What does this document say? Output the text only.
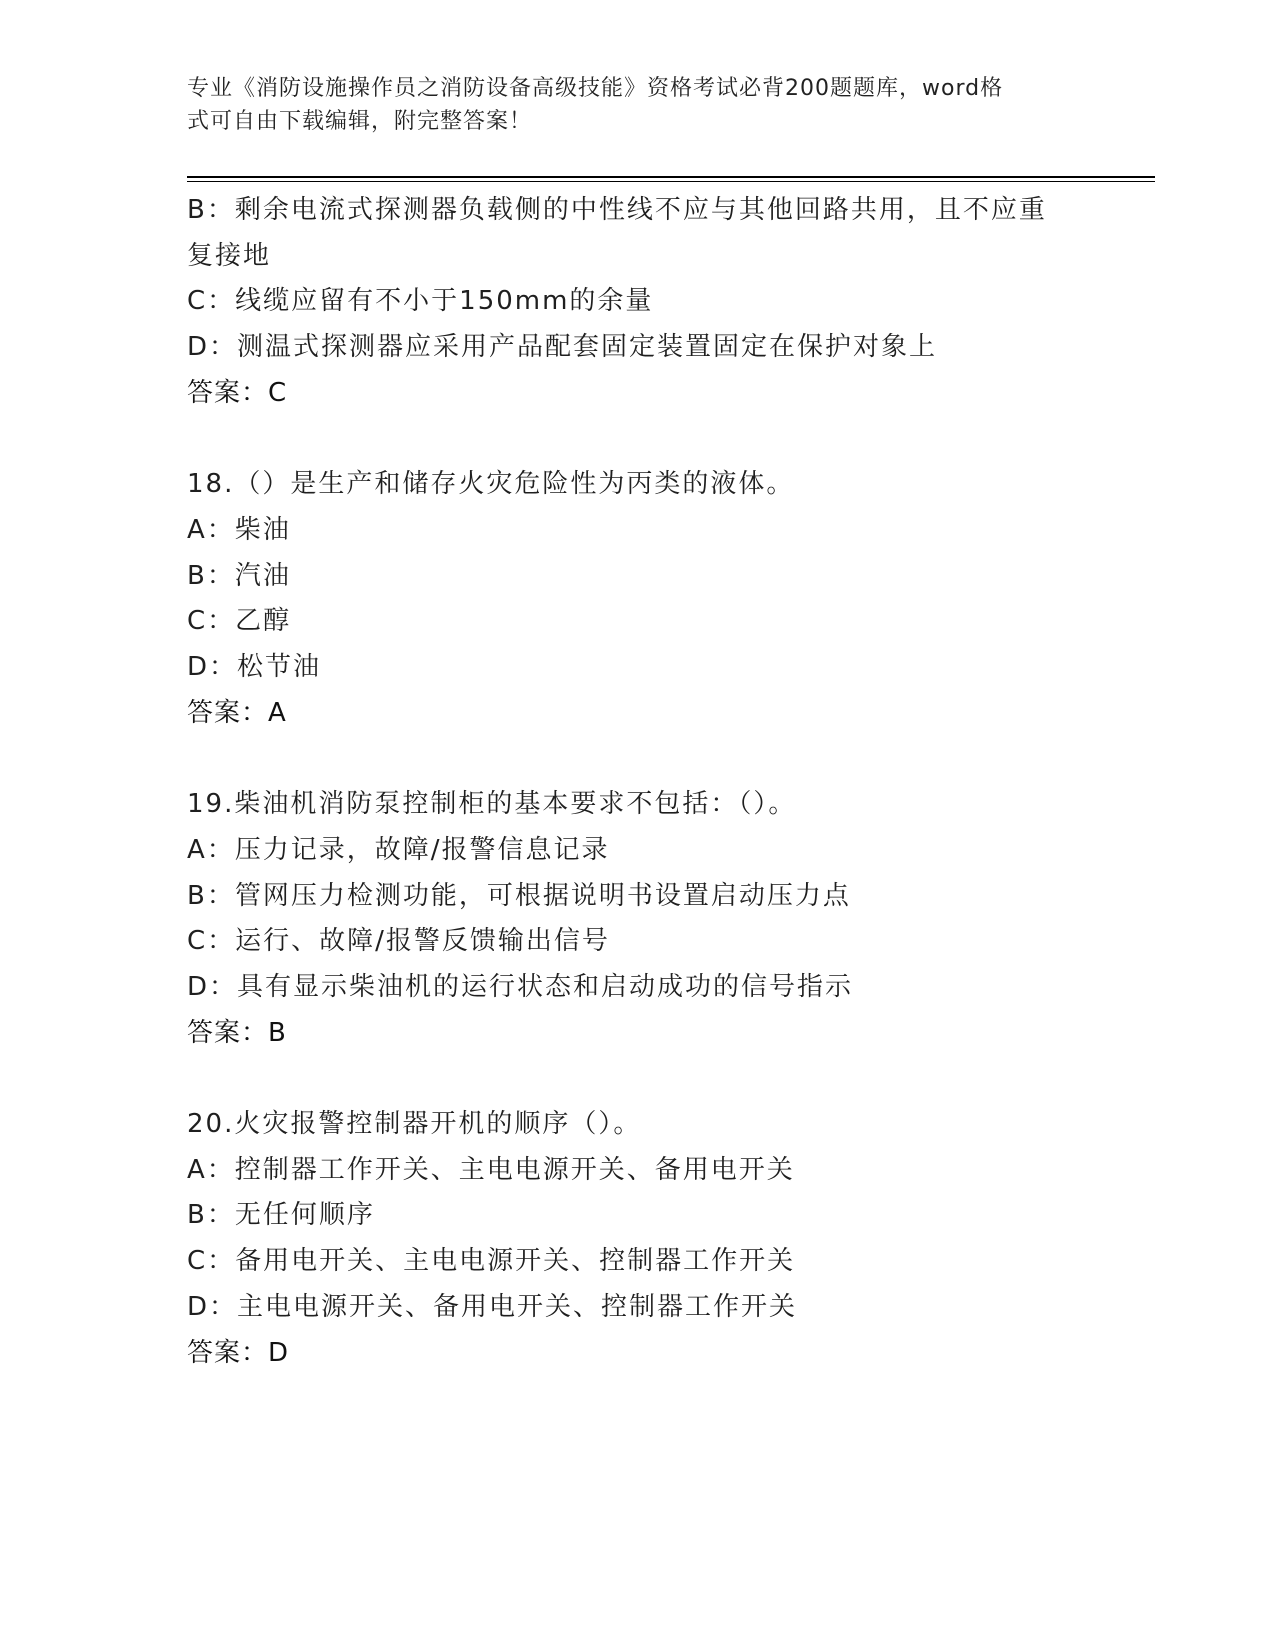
专业《消防设施操作员之消防设备高级技能》资格考试必背200题题库，word格
式可自由下载编辑，附完整答案！
B：剩余电流式探测器负载侧的中性线不应与其他回路共用，且不应重
复接地
C：线缆应留有不小于150mm的余量
D：测温式探测器应采用产品配套固定装置固定在保护对象上
答案：C
18.（）是生产和储存火灾危险性为丙类的液体。
A：柴油
B：汽油
C：乙醇
D：松节油
答案：A
19.柴油机消防泵控制柜的基本要求不包括：（）。
A：压力记录，故障/报警信息记录
B：管网压力检测功能，可根据说明书设置启动压力点
C：运行、故障/报警反馈输出信号
D：具有显示柴油机的运行状态和启动成功的信号指示
答案：B
20.火灾报警控制器开机的顺序（）。
A：控制器工作开关、主电电源开关、备用电开关
B：无任何顺序
C：备用电开关、主电电源开关、控制器工作开关
D：主电电源开关、备用电开关、控制器工作开关
答案：D
